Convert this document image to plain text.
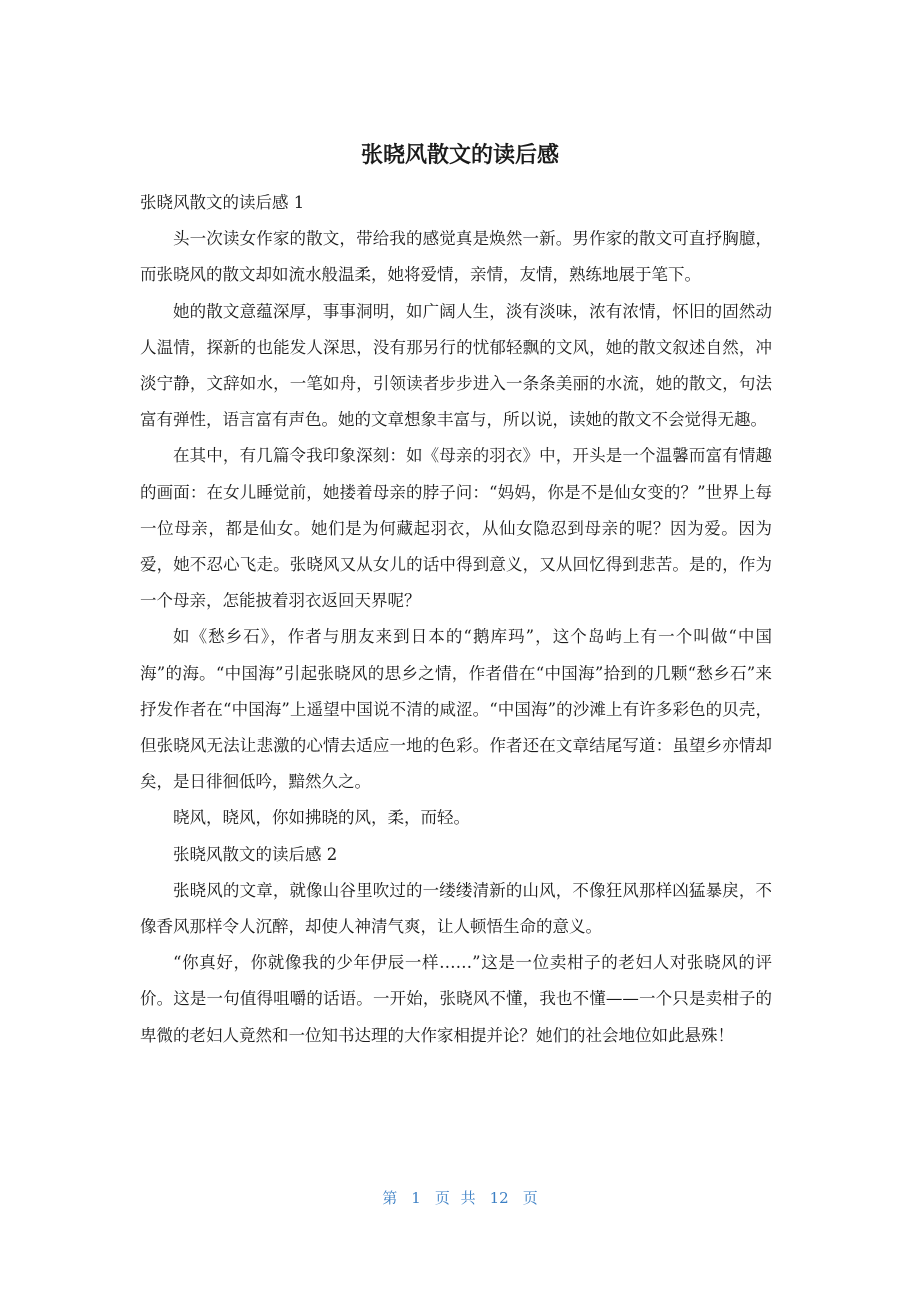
张晓风散文的读后感

张晓风散文的读后感 1

头一次读女作家的散文，带给我的感觉真是焕然一新。男作家的散文可直抒胸臆，而张晓风的散文却如流水般温柔，她将爱情，亲情，友情，熟练地展于笔下。

她的散文意蕴深厚，事事洞明，如广阔人生，淡有淡味，浓有浓情，怀旧的固然动人温情，探新的也能发人深思，没有那另行的忧郁轻飘的文风，她的散文叙述自然，冲淡宁静，文辞如水，一笔如舟，引领读者步步进入一条条美丽的水流，她的散文，句法富有弹性，语言富有声色。她的文章想象丰富与，所以说，读她的散文不会觉得无趣。

在其中，有几篇令我印象深刻：如《母亲的羽衣》中，开头是一个温馨而富有情趣的画面：在女儿睡觉前，她搂着母亲的脖子问：“妈妈，你是不是仙女变的？”世界上每一位母亲，都是仙女。她们是为何藏起羽衣，从仙女隐忍到母亲的呢？因为爱。因为爱，她不忍心飞走。张晓风又从女儿的话中得到意义，又从回忆得到悲苦。是的，作为一个母亲，怎能披着羽衣返回天界呢？

如《愁乡石》，作者与朋友来到日本的“鹅库玛”，这个岛屿上有一个叫做“中国海”的海。“中国海”引起张晓风的思乡之情，作者借在“中国海”拾到的几颗“愁乡石”来抒发作者在“中国海”上遥望中国说不清的咸涩。“中国海”的沙滩上有许多彩色的贝壳，但张晓风无法让悲激的心情去适应一地的色彩。作者还在文章结尾写道：虽望乡亦情却矣，是日徘徊低吟，黯然久之。

晓风，晓风，你如拂晓的风，柔，而轻。

张晓风散文的读后感 2

张晓风的文章，就像山谷里吹过的一缕缕清新的山风，不像狂风那样凶猛暴戾，不像香风那样令人沉醉，却使人神清气爽，让人顿悟生命的意义。

“你真好，你就像我的少年伊辰一样……”这是一位卖柑子的老妇人对张晓风的评价。这是一句值得咀嚼的话语。一开始，张晓风不懂，我也不懂——一个只是卖柑子的卑微的老妇人竟然和一位知书达理的大作家相提并论？她们的社会地位如此悬殊！

第 1 页 共 12 页
